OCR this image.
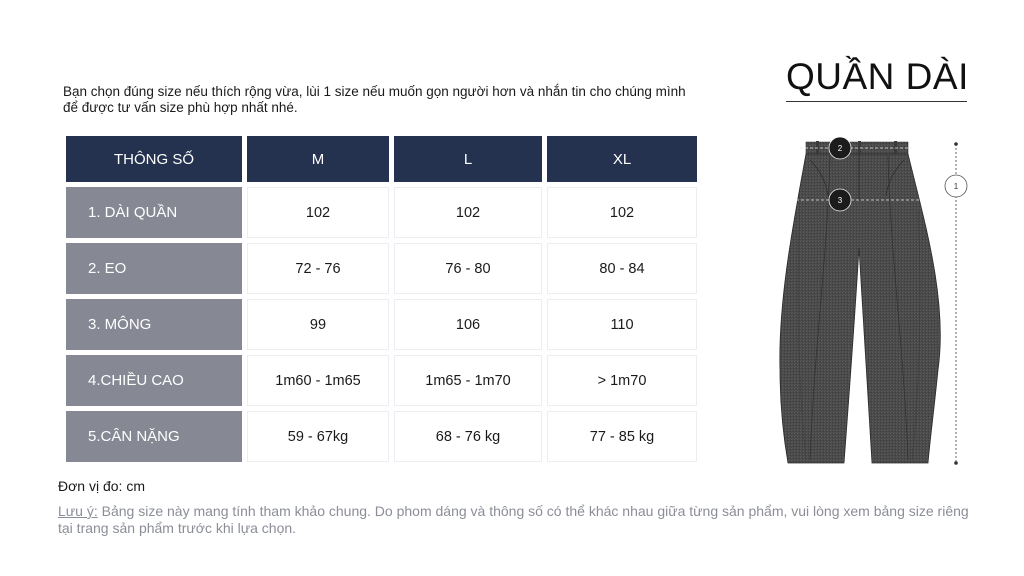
Bạn chọn đúng size nếu thích rộng vừa, lùi 1 size nếu muốn gọn người hơn và nhắn tin cho chúng mình để được tư vấn size phù hợp nhất nhé.

THÔNG SỐ	M	L	XL
1. DÀI QUẦN	102	102	102
2. EO	72 - 76	76 - 80	80 - 84
3. MÔNG	99	106	110
4.CHIỀU CAO	1m60 - 1m65	1m65 - 1m70	> 1m70
5.CÂN NẶNG	59 - 67kg	68 - 76 kg	77 - 85 kg
Đơn vị đo: cm

Lưu ý: Bảng size này mang tính tham khảo chung. Do phom dáng và thông số có thể khác nhau giữa từng sản phẩm, vui lòng xem bảng size riêng tại trang sản phẩm trước khi lựa chọn.

QUẦN DÀI
2
3
1
